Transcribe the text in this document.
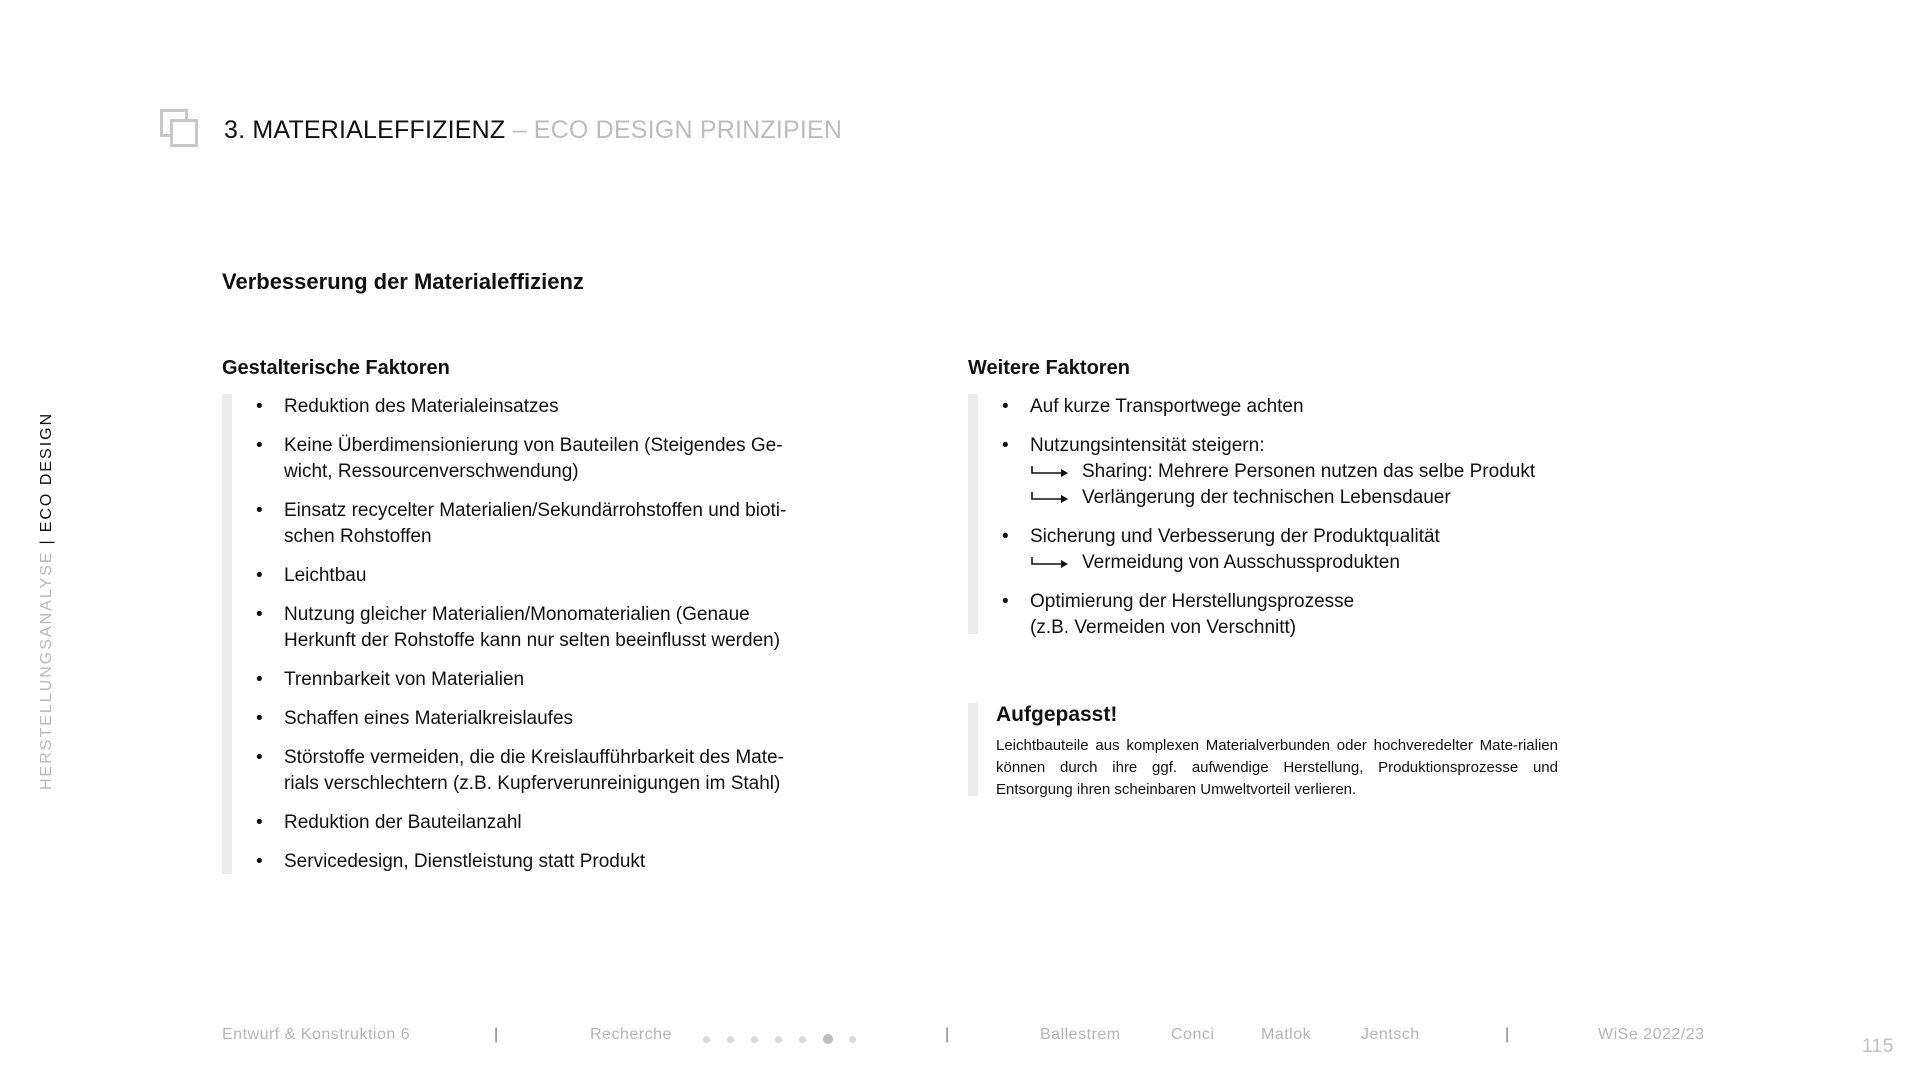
3. MATERIALEFFIZIENZ – ECO DESIGN PRINZIPIEN
HERSTELLUNGSANALYSE|ECO DESIGN
Verbesserung der Materialeffizienz
Gestalterische Faktoren
• Reduktion des Materialeinsatzes
• Keine Überdimensionierung von Bauteilen (Steigendes Ge-
wicht, Ressourcenverschwendung)
• Einsatz recycelter Materialien/Sekundärrohstoffen und bioti-
schen Rohstoffen
• Leichtbau
• Nutzung gleicher Materialien/Monomaterialien (Genaue
Herkunft der Rohstoffe kann nur selten beeinflusst werden)
• Trennbarkeit von Materialien
• Schaffen eines Materialkreislaufes
• Störstoffe vermeiden, die die Kreislaufführbarkeit des Mate-
rials verschlechtern (z.B. Kupferverunreinigungen im Stahl)
• Reduktion der Bauteilanzahl
• Servicedesign, Dienstleistung statt Produkt
Weitere Faktoren
• Auf kurze Transportwege achten
• Nutzungsintensität steigern:
Sharing: Mehrere Personen nutzen das selbe Produkt
Verlängerung der technischen Lebensdauer
• Sicherung und Verbesserung der Produktqualität
Vermeidung von Ausschussprodukten
• Optimierung der Herstellungsprozesse
(z.B. Vermeiden von Verschnitt)
Aufgepasst!
Leichtbauteile aus komplexen Materialverbunden oder hochveredelter Mate-rialien können durch ihre ggf. aufwendige Herstellung, Produktionsprozesse und Entsorgung ihren scheinbaren Umweltvorteil verlieren.
Entwurf & Konstruktion 6	|	Recherche	|	Ballestrem	Conci	Matlok	Jentsch	|	WiSe 2022/23
115
